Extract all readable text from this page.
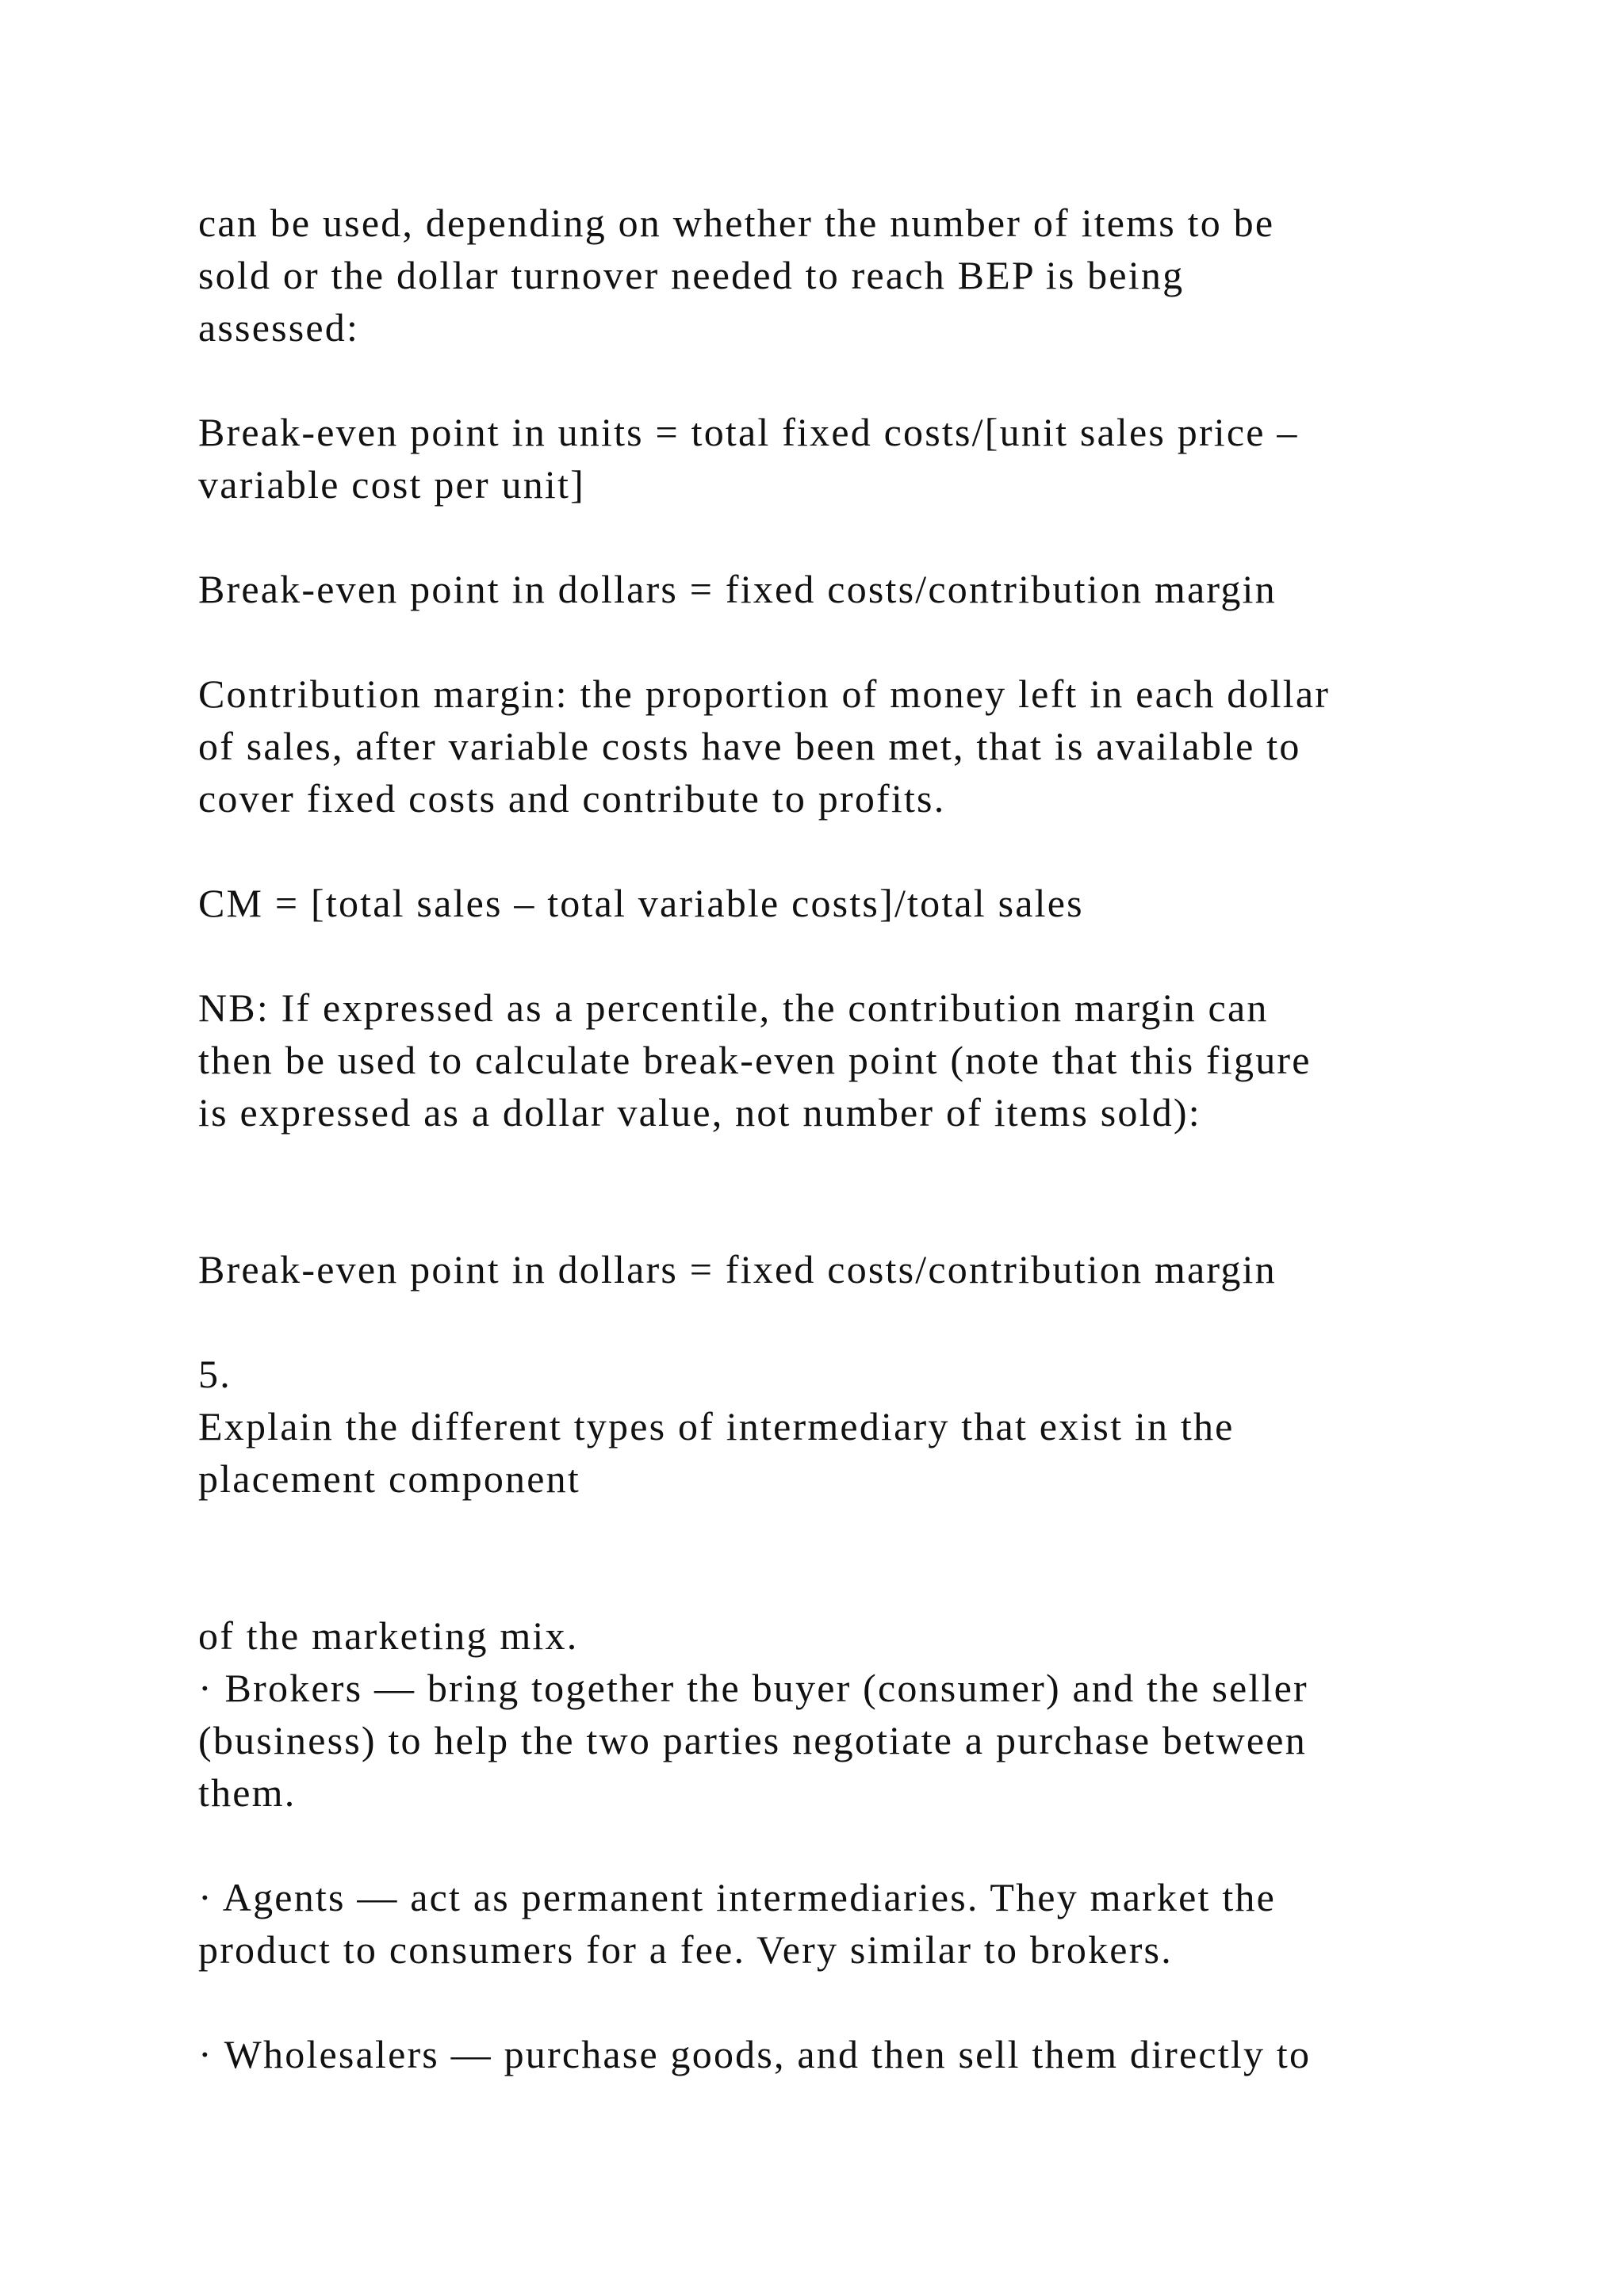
can be used, depending on whether the number of items to be

sold or the dollar turnover needed to reach BEP is being

assessed:

Break-even point in units = total fixed costs/[unit sales price –

variable cost per unit]

Break-even point in dollars = fixed costs/contribution margin

Contribution margin: the proportion of money left in each dollar

of sales, after variable costs have been met, that is available to

cover fixed costs and contribute to profits.

CM = [total sales – total variable costs]/total sales

NB: If expressed as a percentile, the contribution margin can

then be used to calculate break-even point (note that this figure

is expressed as a dollar value, not number of items sold):

Break-even point in dollars = fixed costs/contribution margin

5.

Explain the different types of intermediary that exist in the

placement component

of the marketing mix.

· Brokers — bring together the buyer (consumer) and the seller

(business) to help the two parties negotiate a purchase between

them.

· Agents — act as permanent intermediaries. They market the

product to consumers for a fee. Very similar to brokers.

· Wholesalers — purchase goods, and then sell them directly to
